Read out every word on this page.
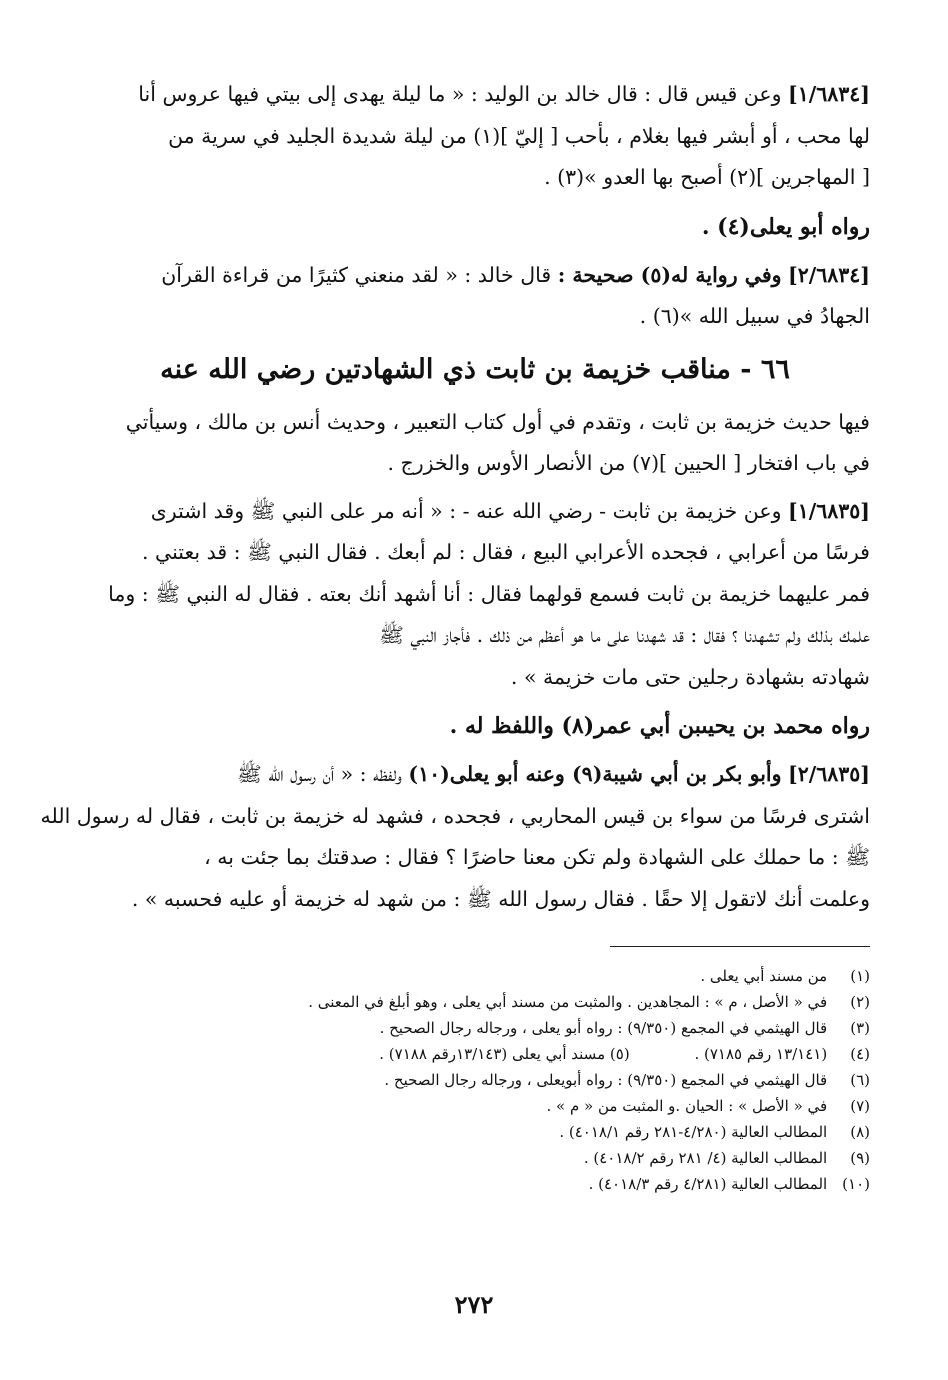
[١/٦٨٣٤] وعن قيس قال : قال خالد بن الوليد : « ما ليلة يهدى إلى بيتي فيها عروس أنا
لها محب ، أو أبشر فيها بغلام ، بأحب [ إليّ ](١) من ليلة شديدة الجليد في سرية من
[ المهاجرين ](٢) أصبح بها العدو »(٣) .
رواه أبو يعلى(٤) .
[٢/٦٨٣٤] وفي رواية له(٥) صحيحة : قال خالد : « لقد منعني كثيرًا من قراءة القرآن
الجهادُ في سبيل الله »(٦) .
٦٦ - مناقب خزيمة بن ثابت ذي الشهادتين رضي الله عنه
فيها حديث خزيمة بن ثابت ، وتقدم في أول كتاب التعبير ، وحديث أنس بن مالك ، وسيأتي
في باب افتخار [ الحيين ](٧) من الأنصار الأوس والخزرج .
[١/٦٨٣٥] وعن خزيمة بن ثابت - رضي الله عنه - : « أنه مر على النبي ﷺ وقد اشترى
فرسًا من أعرابي ، فجحده الأعرابي البيع ، فقال : لم أبعك . فقال النبي ﷺ : قد بعتني .
فمر عليهما خزيمة بن ثابت فسمع قولهما فقال : أنا أشهد أنك بعته . فقال له النبي ﷺ : وما
علمك بذلك ولم تشهدنا ؟ فقال : قد شهدنا على ما هو أعظم من ذلك . فأجاز النبي ﷺ
شهادته بشهادة رجلين حتى مات خزيمة » .
رواه محمد بن يحيىبن أبي عمر(٨) واللفظ له .
[٢/٦٨٣٥] وأبو بكر بن أبي شيبة(٩) وعنه أبو يعلى(١٠) ولفظه : « أن رسول الله ﷺ
اشترى فرسًا من سواء بن قيس المحاربي ، فجحده ، فشهد له خزيمة بن ثابت ، فقال له رسول الله
ﷺ : ما حملك على الشهادة ولم تكن معنا حاضرًا ؟ فقال : صدقتك بما جئت به ،
وعلمت أنك لاتقول إلا حقًا . فقال رسول الله ﷺ : من شهد له خزيمة أو عليه فحسبه » .
(١) من مسند أبي يعلى .
(٢) في « الأصل ، م » : المجاهدين . والمثبت من مسند أبي يعلى ، وهو أبلغ في المعنى .
(٣) قال الهيثمي في المجمع (٩/٣٥٠) : رواه أبو يعلى ، ورجاله رجال الصحيح .
(٤) (١٣/١٤١ رقم ٧١٨٥) . (٥) مسند أبي يعلى (١٣/١٤٣رقم ٧١٨٨) .
(٦) قال الهيثمي في المجمع (٩/٣٥٠) : رواه أبويعلى ، ورجاله رجال الصحيح .
(٧) في « الأصل » : الحيان .و المثبت من « م » .
(٨) المطالب العالية (٤/٢٨٠-٢٨١ رقم ٤٠١٨/١) .
(٩) المطالب العالية (٤/ ٢٨١ رقم ٤٠١٨/٢) .
(١٠) المطالب العالية (٤/٢٨١ رقم ٤٠١٨/٣) .
٢٧٢
